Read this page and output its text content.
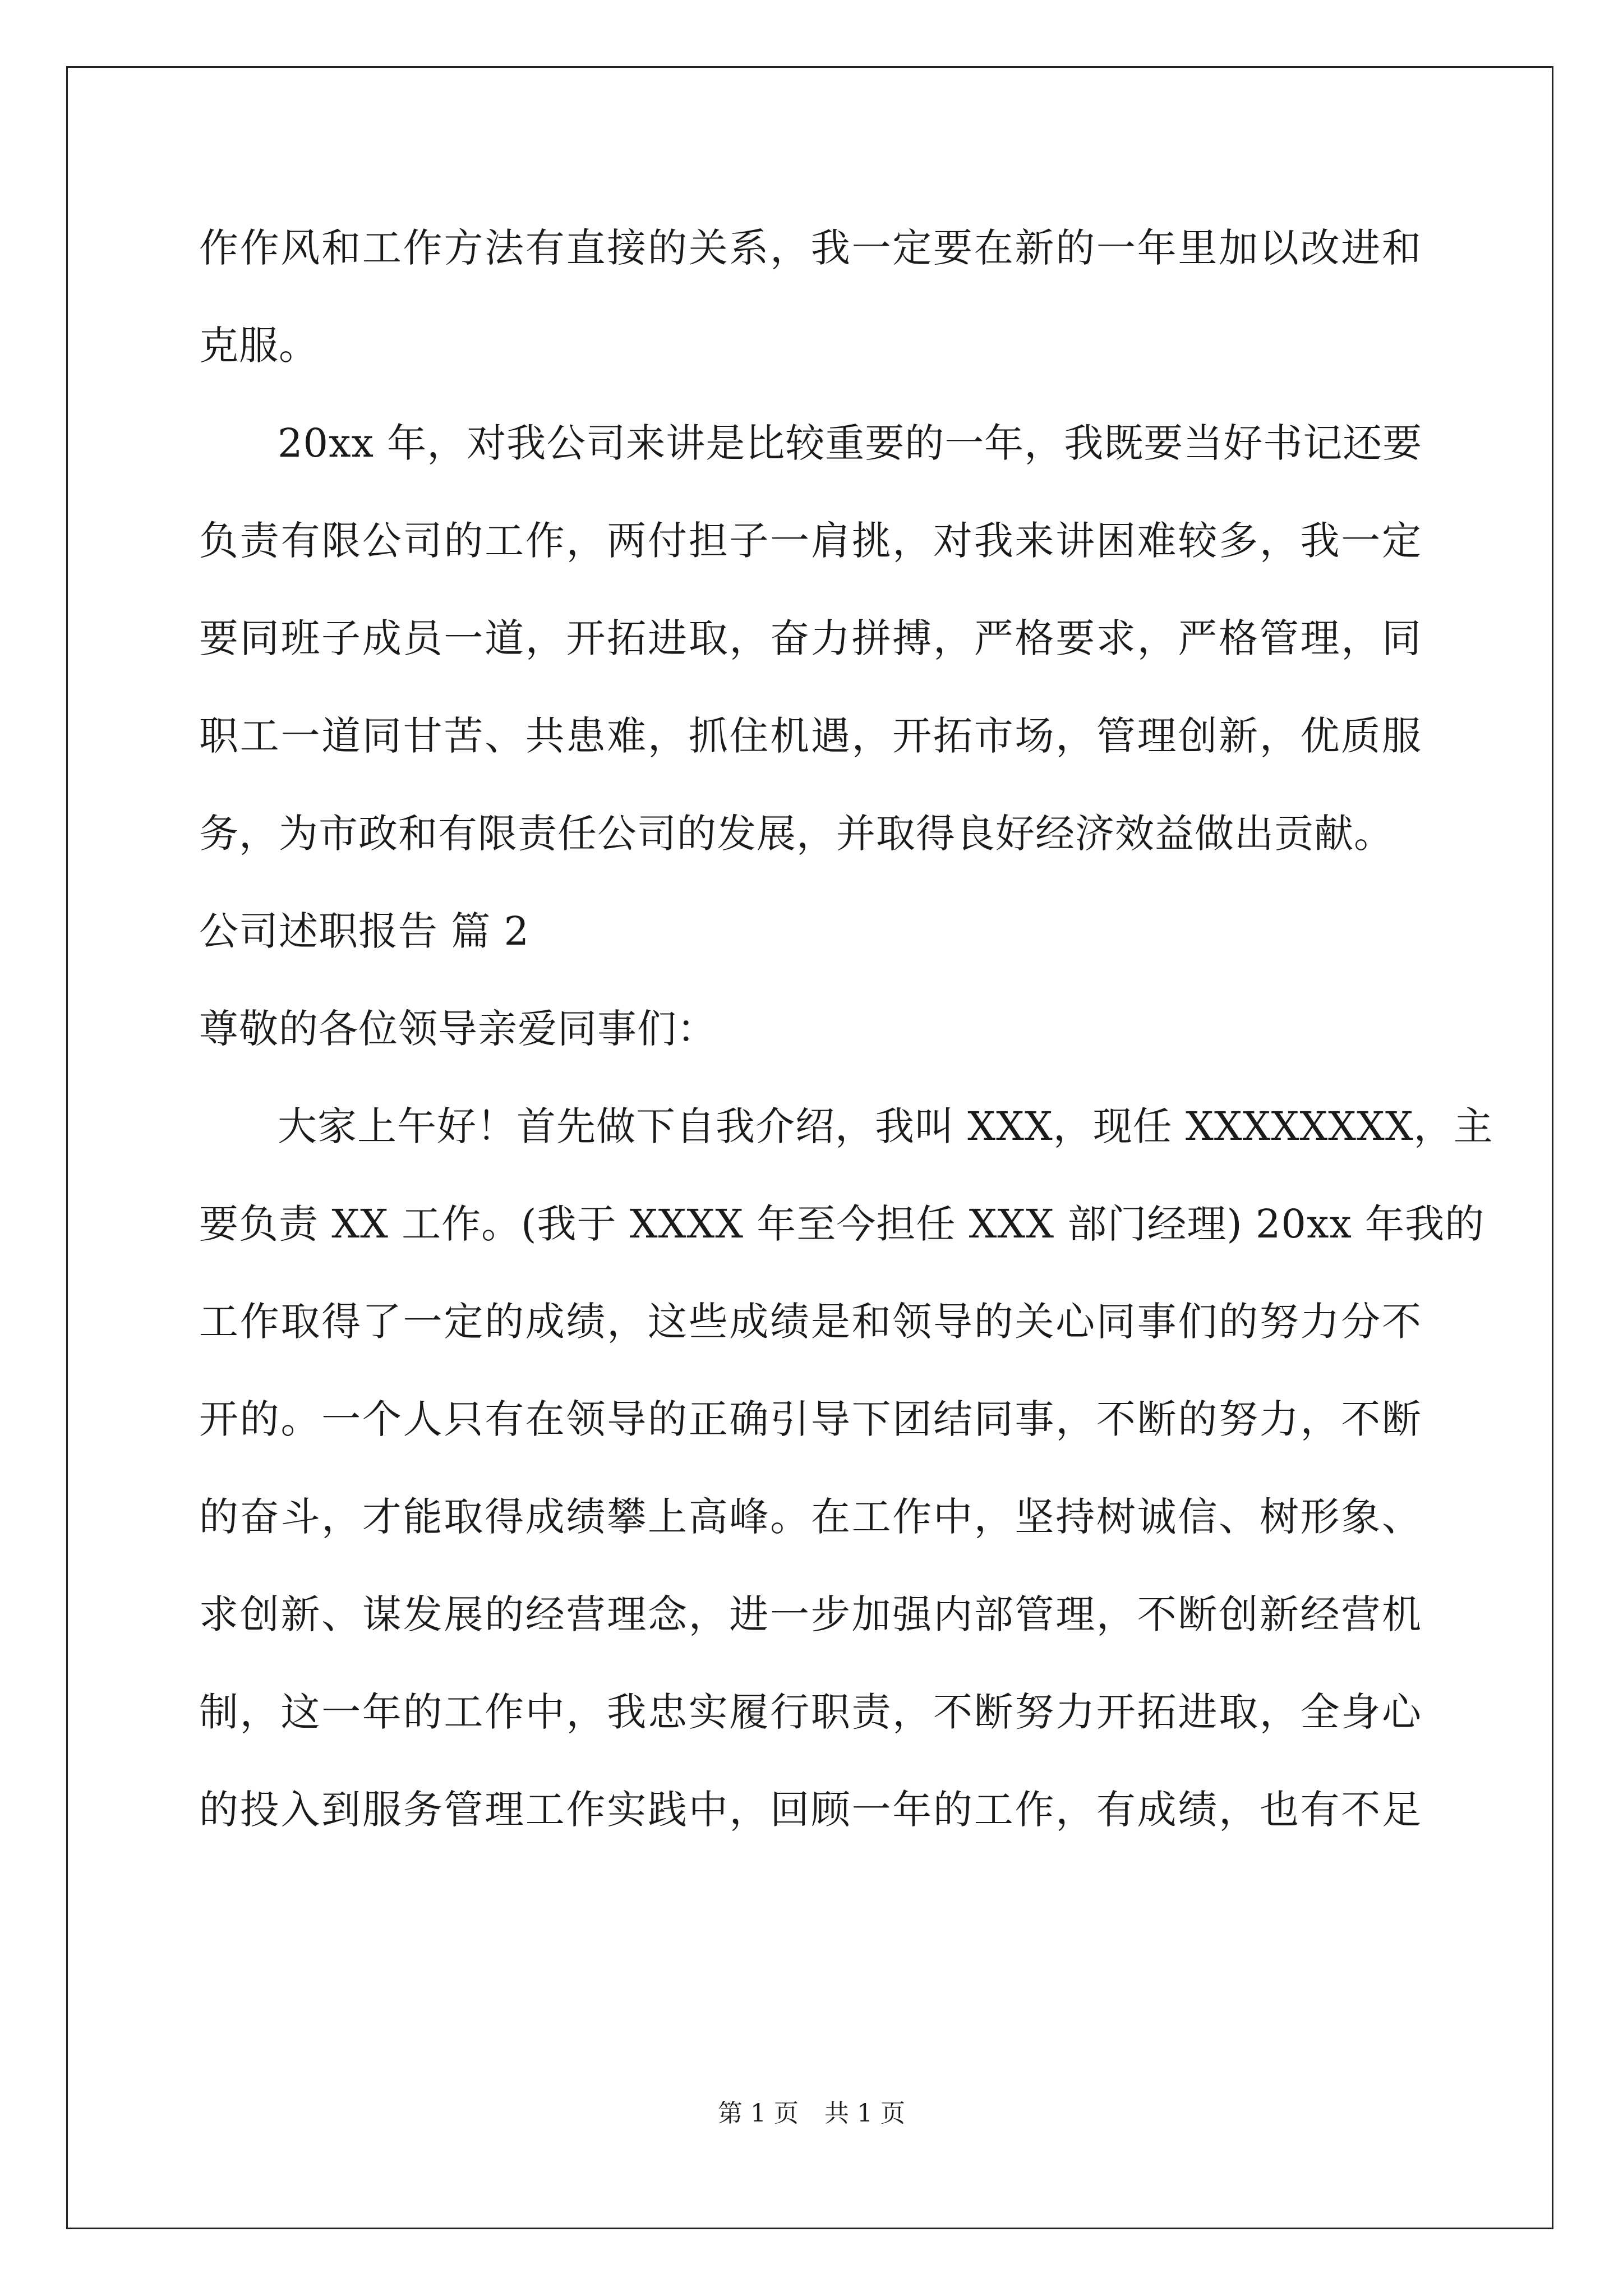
作作风和工作方法有直接的关系，我一定要在新的一年里加以改进和
克服。
20xx 年，对我公司来讲是比较重要的一年，我既要当好书记还要
负责有限公司的工作，两付担子一肩挑，对我来讲困难较多，我一定
要同班子成员一道，开拓进取，奋力拼搏，严格要求，严格管理，同
职工一道同甘苦、共患难，抓住机遇，开拓市场，管理创新，优质服
务，为市政和有限责任公司的发展，并取得良好经济效益做出贡献。
公司述职报告 篇 2
尊敬的各位领导亲爱同事们：
大家上午好！首先做下自我介绍，我叫 XXX，现任 XXXXXXXX，主
要负责 XX 工作。(我于 XXXX 年至今担任 XXX 部门经理) 20xx 年我的
工作取得了一定的成绩，这些成绩是和领导的关心同事们的努力分不
开的。一个人只有在领导的正确引导下团结同事，不断的努力，不断
的奋斗，才能取得成绩攀上高峰。在工作中，坚持树诚信、树形象、
求创新、谋发展的经营理念，进一步加强内部管理，不断创新经营机
制，这一年的工作中，我忠实履行职责，不断努力开拓进取，全身心
的投入到服务管理工作实践中，回顾一年的工作，有成绩，也有不足
第 1 页 共 1 页
